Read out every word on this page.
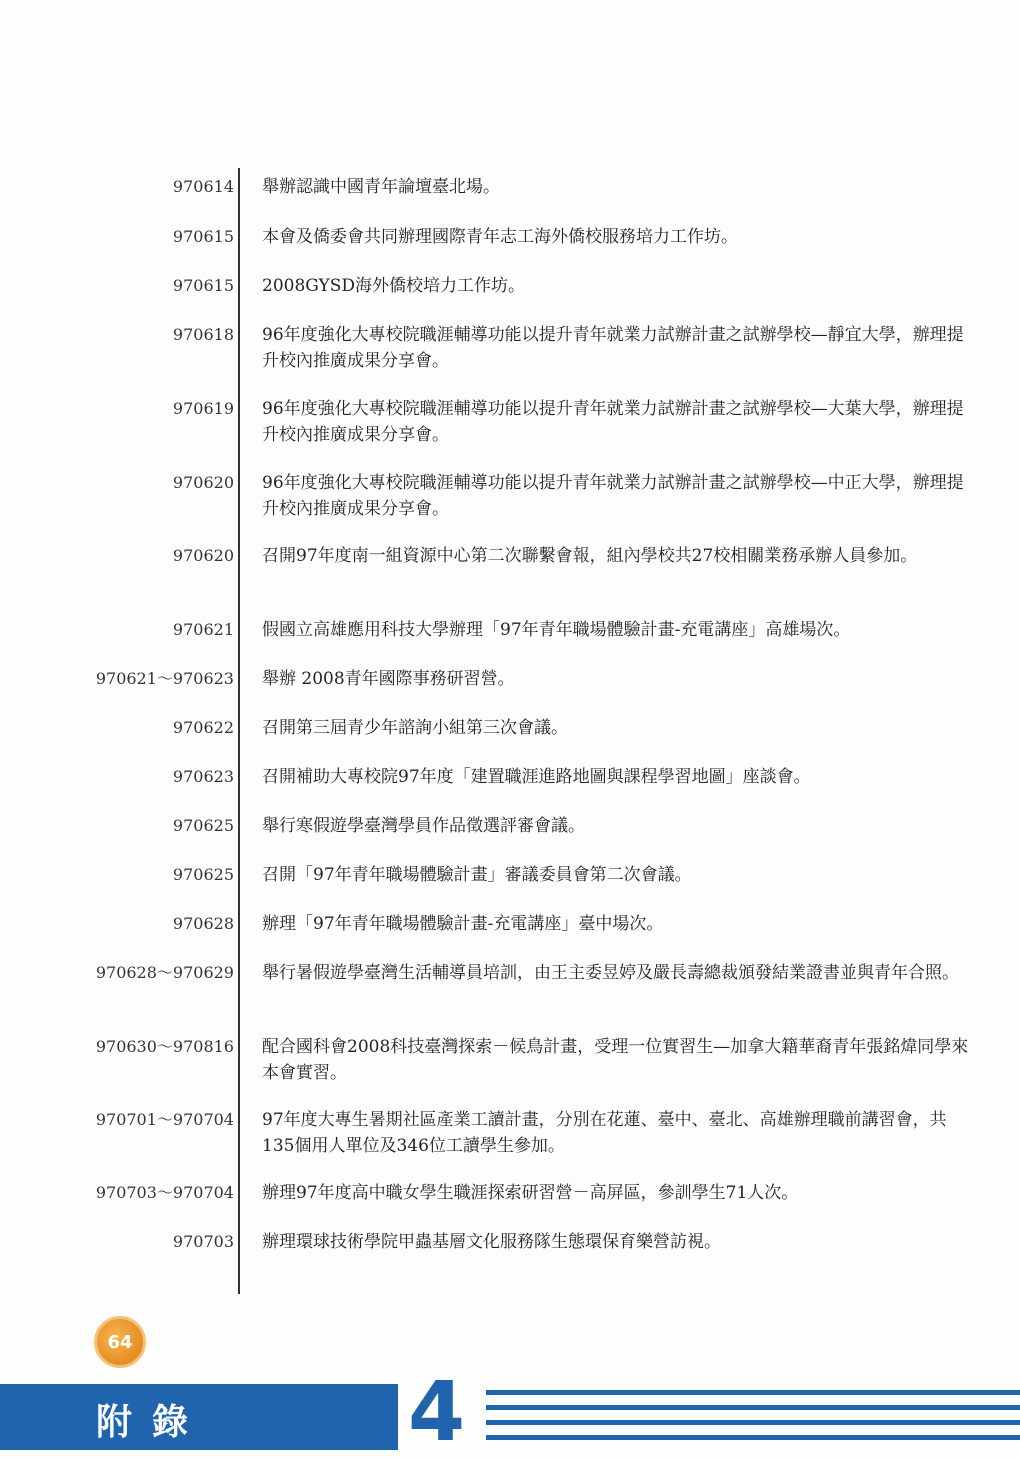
970614 舉辦認識中國青年論壇臺北場。
970615 本會及僑委會共同辦理國際青年志工海外僑校服務培力工作坊。
970615 2008GYSD海外僑校培力工作坊。
970618 96年度強化大專校院職涯輔導功能以提升青年就業力試辦計畫之試辦學校—靜宜大學，辦理提升校內推廣成果分享會。
970619 96年度強化大專校院職涯輔導功能以提升青年就業力試辦計畫之試辦學校—大葉大學，辦理提升校內推廣成果分享會。
970620 96年度強化大專校院職涯輔導功能以提升青年就業力試辦計畫之試辦學校—中正大學，辦理提升校內推廣成果分享會。
970620 召開97年度南一組資源中心第二次聯繫會報，組內學校共27校相關業務承辦人員參加。
970621 假國立高雄應用科技大學辦理「97年青年職場體驗計畫-充電講座」高雄場次。
970621～970623 舉辦 2008青年國際事務研習營。
970622 召開第三屆青少年諮詢小組第三次會議。
970623 召開補助大專校院97年度「建置職涯進路地圖與課程學習地圖」座談會。
970625 舉行寒假遊學臺灣學員作品徵選評審會議。
970625 召開「97年青年職場體驗計畫」審議委員會第二次會議。
970628 辦理「97年青年職場體驗計畫-充電講座」臺中場次。
970628～970629 舉行暑假遊學臺灣生活輔導員培訓，由王主委昱婷及嚴長壽總裁頒發結業證書並與青年合照。
970630～970816 配合國科會2008科技臺灣探索－候鳥計畫，受理一位實習生—加拿大籍華裔青年張銘煒同學來本會實習。
970701～970704 97年度大專生暑期社區產業工讀計畫，分別在花蓮、臺中、臺北、高雄辦理職前講習會，共135個用人單位及346位工讀學生參加。
970703～970704 辦理97年度高中職女學生職涯探索研習營－高屏區，參訓學生71人次。
970703 辦理環球技術學院甲蟲基層文化服務隊生態環保育樂營訪視。
64
附錄 4
